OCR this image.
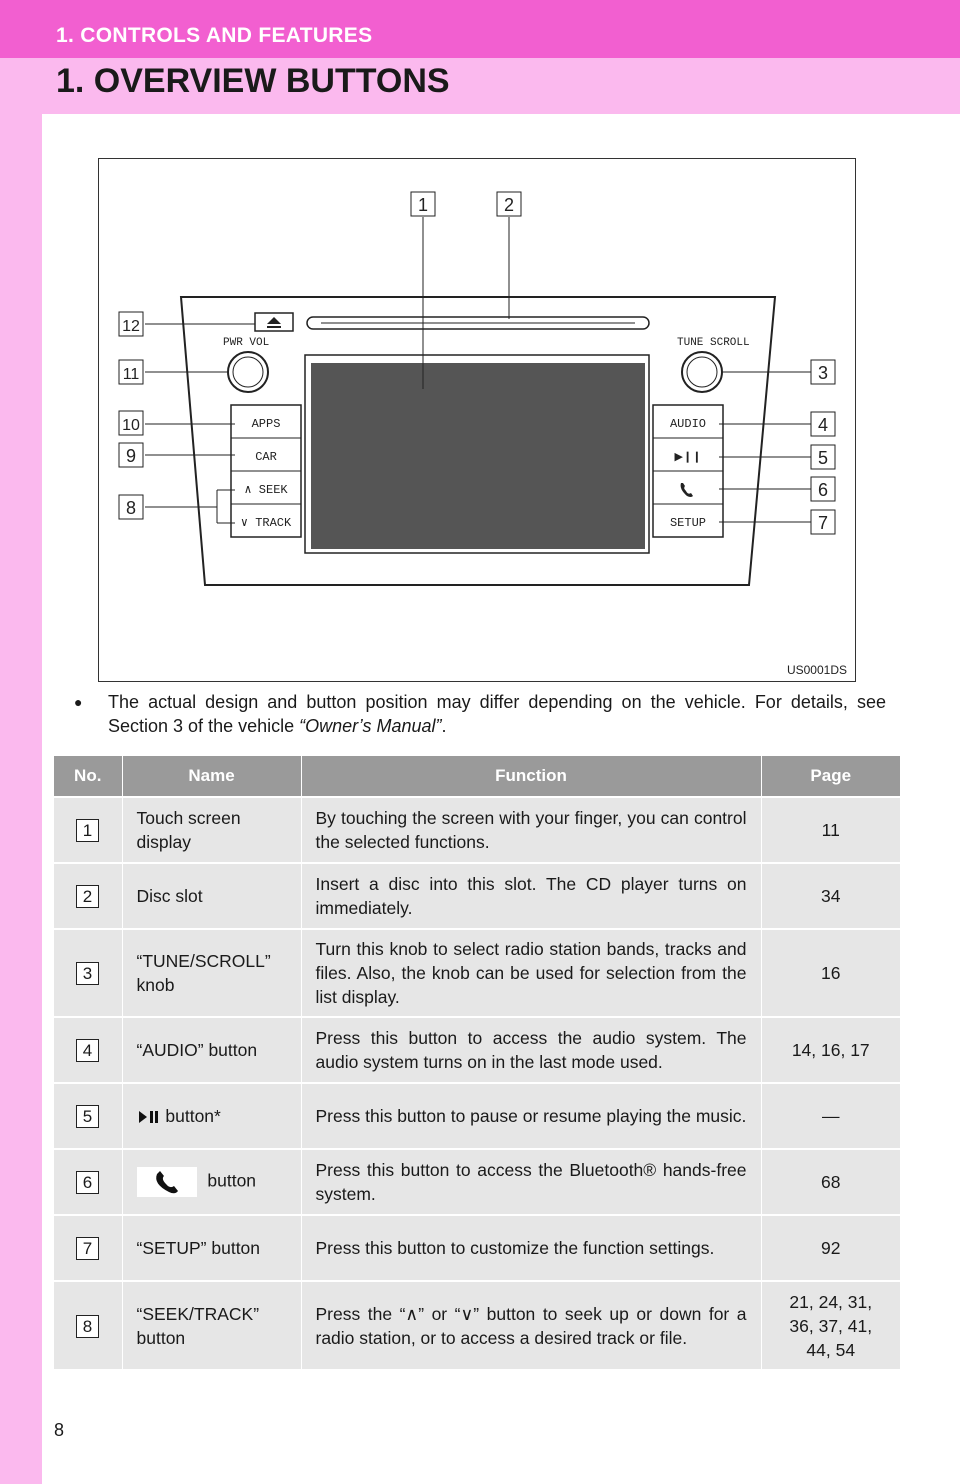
1. CONTROLS AND FEATURES
1. OVERVIEW BUTTONS
PWR VOL	TUNE SCROLL
APPS
CAR
∧ SEEK
∨ TRACK
AUDIO
▶❙❙
SETUP
1	2
3
4
5
6
7
8
9
10
11
12
US0001DS
● The actual design and button position may differ depending on the vehicle. For details, see Section 3 of the vehicle “Owner’s Manual”.
No.	Name	Function	Page
1	Touch screen display	By touching the screen with your finger, you can control the selected functions.	11
2	Disc slot	Insert a disc into this slot. The CD player turns on immediately.	34
3	“TUNE/SCROLL” knob	Turn this knob to select radio station bands, tracks and files. Also, the knob can be used for selection from the list display.	16
4	“AUDIO” button	Press this button to access the audio system. The audio system turns on in the last mode used.	14, 16, 17
5	button*	Press this button to pause or resume playing the music.	—
6	button	Press this button to access the Bluetooth® hands-free system.	68
7	“SETUP” button	Press this button to customize the function settings.	92
8	“SEEK/TRACK” button	Press the “∧” or “∨” button to seek up or down for a radio station, or to access a desired track or file.	21, 24, 31, 36, 37, 41, 44, 54
8
